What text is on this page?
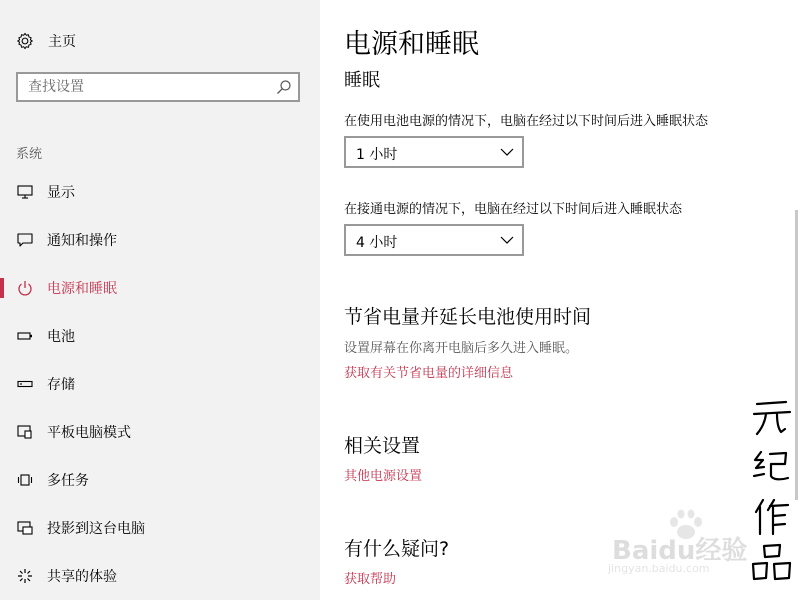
主页
查找设置
系统
显示
通知和操作
电源和睡眠
电池
存储
平板电脑模式
多任务
投影到这台电脑
共享的体验
电源和睡眠
睡眠
在使用电池电源的情况下，电脑在经过以下时间后进入睡眠状态
1 小时
在接通电源的情况下，电脑在经过以下时间后进入睡眠状态
4 小时
节省电量并延长电池使用时间
设置屏幕在你离开电脑后多久进入睡眠。
获取有关节省电量的详细信息
相关设置
其他电源设置
有什么疑问?
获取帮助
Baidu经验
jingyan.baidu.com
